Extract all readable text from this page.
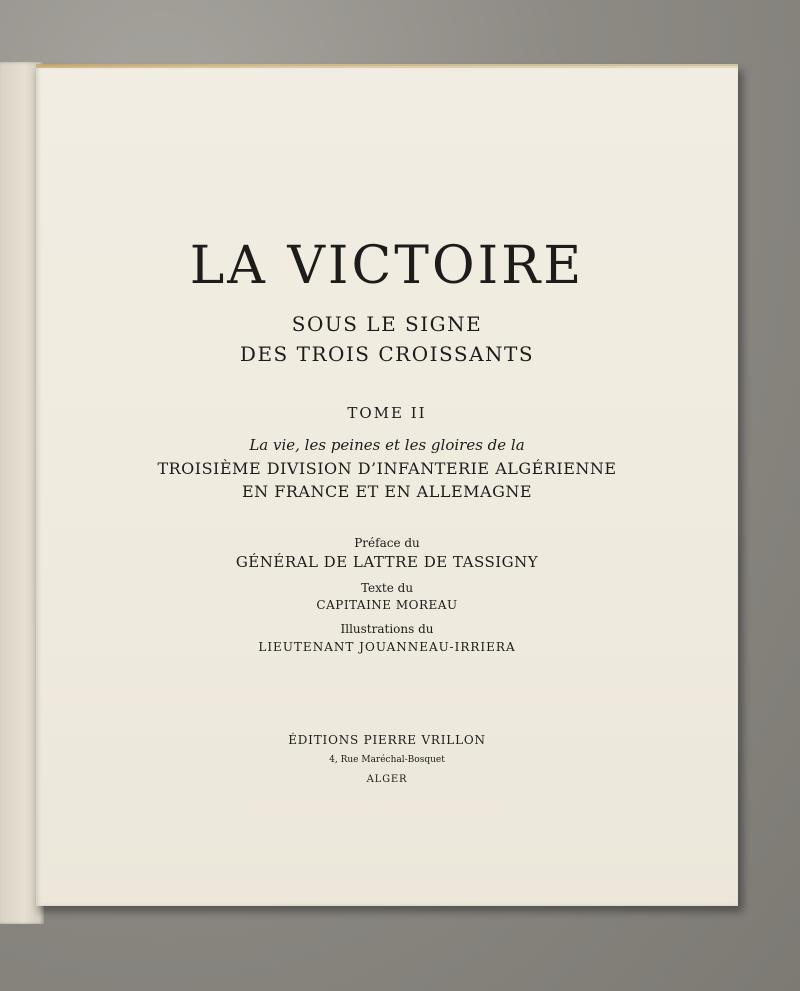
LA VICTOIRE
SOUS LE SIGNE
DES TROIS CROISSANTS
TOME II
La vie, les peines et les gloires de la
TROISIÈME DIVISION D’INFANTERIE ALGÉRIENNE
EN FRANCE ET EN ALLEMAGNE
Préface du
GÉNÉRAL DE LATTRE DE TASSIGNY
Texte du
CAPITAINE MOREAU
Illustrations du
LIEUTENANT JOUANNEAU-IRRIERA
ÉDITIONS PIERRE VRILLON
4, Rue Maréchal-Bosquet
ALGER
